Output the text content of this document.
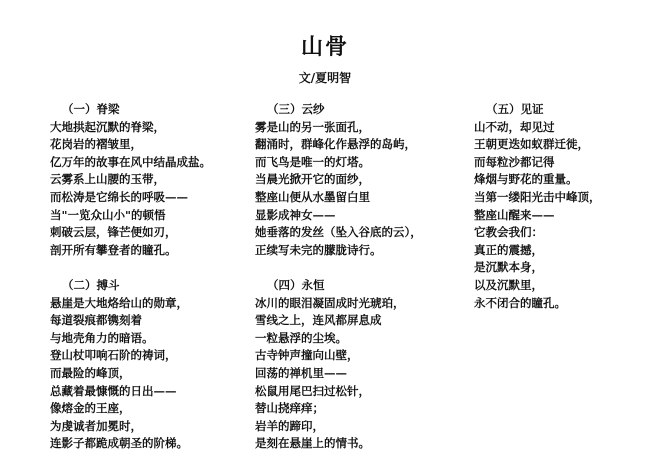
山骨
文/夏明智
（一）脊梁
大地拱起沉默的脊梁，
花岗岩的褶皱里，
亿万年的故事在风中结晶成盐。
云雾系上山腰的玉带，
而松涛是它绵长的呼吸——
当"一览众山小"的顿悟
刺破云层，锋芒便如刃，
剖开所有攀登者的瞳孔。
（二）搏斗
悬崖是大地烙给山的勋章，
每道裂痕都镌刻着
与地壳角力的暗语。
登山杖叩响石阶的祷词，
而最险的峰顶，
总藏着最慷慨的日出——
像熔金的王座，
为虔诚者加冕时，
连影子都跪成朝圣的阶梯。
（三）云纱
雾是山的另一张面孔，
翻涌时，群峰化作悬浮的岛屿，
而飞鸟是唯一的灯塔。
当晨光掀开它的面纱，
整座山便从水墨留白里
显影成神女——
她垂落的发丝（坠入谷底的云），
正续写未完的朦胧诗行。
（四）永恒
冰川的眼泪凝固成时光琥珀，
雪线之上，连风都屏息成
一粒悬浮的尘埃。
古寺钟声撞向山壁，
回荡的禅机里——
松鼠用尾巴扫过松针，
替山挠痒痒；
岩羊的蹄印，
是刻在悬崖上的情书。
（五）见证
山不动，却见过
王朝更迭如蚁群迁徙，
而每粒沙都记得
烽烟与野花的重量。
当第一缕阳光击中峰顶，
整座山醒来——
它教会我们：
真正的震撼，
是沉默本身，
以及沉默里，
永不闭合的瞳孔。
